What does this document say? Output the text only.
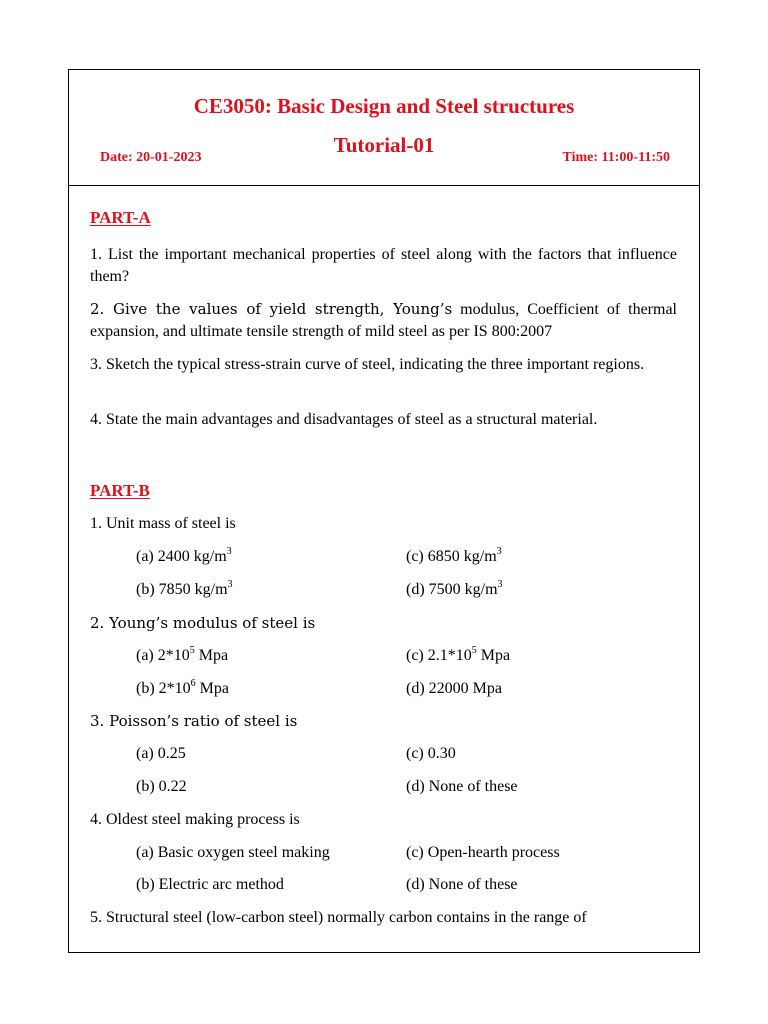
CE3050: Basic Design and Steel structures
Tutorial-01
Date: 20-01-2023	Time: 11:00-11:50
PART-A
1. List the important mechanical properties of steel along with the factors that influence them?
2. Give the values of yield strength, Young’s modulus, Coefficient of thermal expansion, and ultimate tensile strength of mild steel as per IS 800:2007
3. Sketch the typical stress-strain curve of steel, indicating the three important regions.
4. State the main advantages and disadvantages of steel as a structural material.
PART-B
1. Unit mass of steel is
(a) 2400 $kg/m^3$	(c) 6850 $kg/m^3$
(b) 7850 $kg/m^3$	(d) 7500 $kg/m^3$
2. Young’s modulus of steel is
(a) $2*10^5$ Mpa	(c) $2.1*10^5$ Mpa
(b) $2*10^6$ Mpa	(d) 22000 Mpa
3. Poisson’s ratio of steel is
(a) 0.25	(c) 0.30
(b) 0.22	(d) None of these
4. Oldest steel making process is
(a) Basic oxygen steel making	(c) Open-hearth process
(b) Electric arc method	(d) None of these
5. Structural steel (low-carbon steel) normally carbon contains in the range of
